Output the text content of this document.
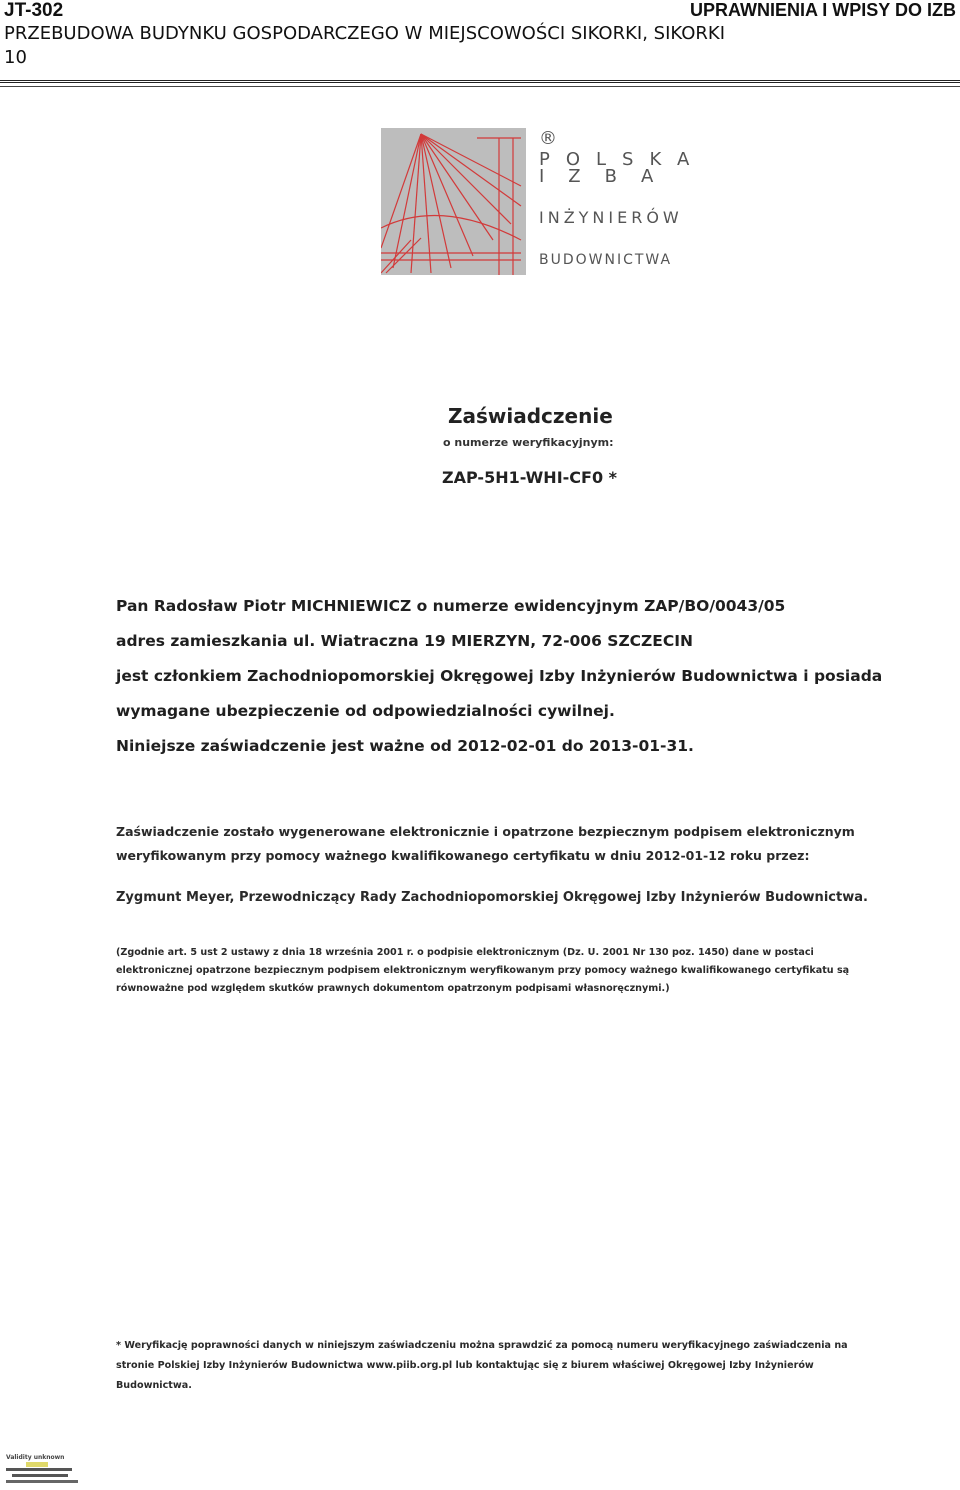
JT-302	UPRAWNIENIA I WPISY DO IZB
PRZEBUDOWA BUDYNKU GOSPODARCZEGO W MIEJSCOWOŚCI SIKORKI, SIKORKI 10
® POLSKA
IZBA
INŻYNIERÓW
BUDOWNICTWA
Zaświadczenie
o numerze weryfikacyjnym:
ZAP-5H1-WHI-CF0 *
Pan Radosław Piotr MICHNIEWICZ o numerze ewidencyjnym ZAP/BO/0043/05
adres zamieszkania ul. Wiatraczna 19 MIERZYN, 72-006 SZCZECIN
jest członkiem Zachodniopomorskiej Okręgowej Izby Inżynierów Budownictwa i posiada
wymagane ubezpieczenie od odpowiedzialności cywilnej.
Niniejsze zaświadczenie jest ważne od 2012-02-01 do 2013-01-31.
Zaświadczenie zostało wygenerowane elektronicznie i opatrzone bezpiecznym podpisem elektronicznym
weryfikowanym przy pomocy ważnego kwalifikowanego certyfikatu w dniu 2012-01-12 roku przez:
Zygmunt Meyer, Przewodniczący Rady Zachodniopomorskiej Okręgowej Izby Inżynierów Budownictwa.
(Zgodnie art. 5 ust 2 ustawy z dnia 18 września 2001 r. o podpisie elektronicznym (Dz. U. 2001 Nr 130 poz. 1450) dane w postaci
elektronicznej opatrzone bezpiecznym podpisem elektronicznym weryfikowanym przy pomocy ważnego kwalifikowanego certyfikatu są
równoważne pod względem skutków prawnych dokumentom opatrzonym podpisami własnoręcznymi.)
* Weryfikację poprawności danych w niniejszym zaświadczeniu można sprawdzić za pomocą numeru weryfikacyjnego zaświadczenia na
stronie Polskiej Izby Inżynierów Budownictwa www.piib.org.pl lub kontaktując się z biurem właściwej Okręgowej Izby Inżynierów
Budownictwa.
Validity unknown
